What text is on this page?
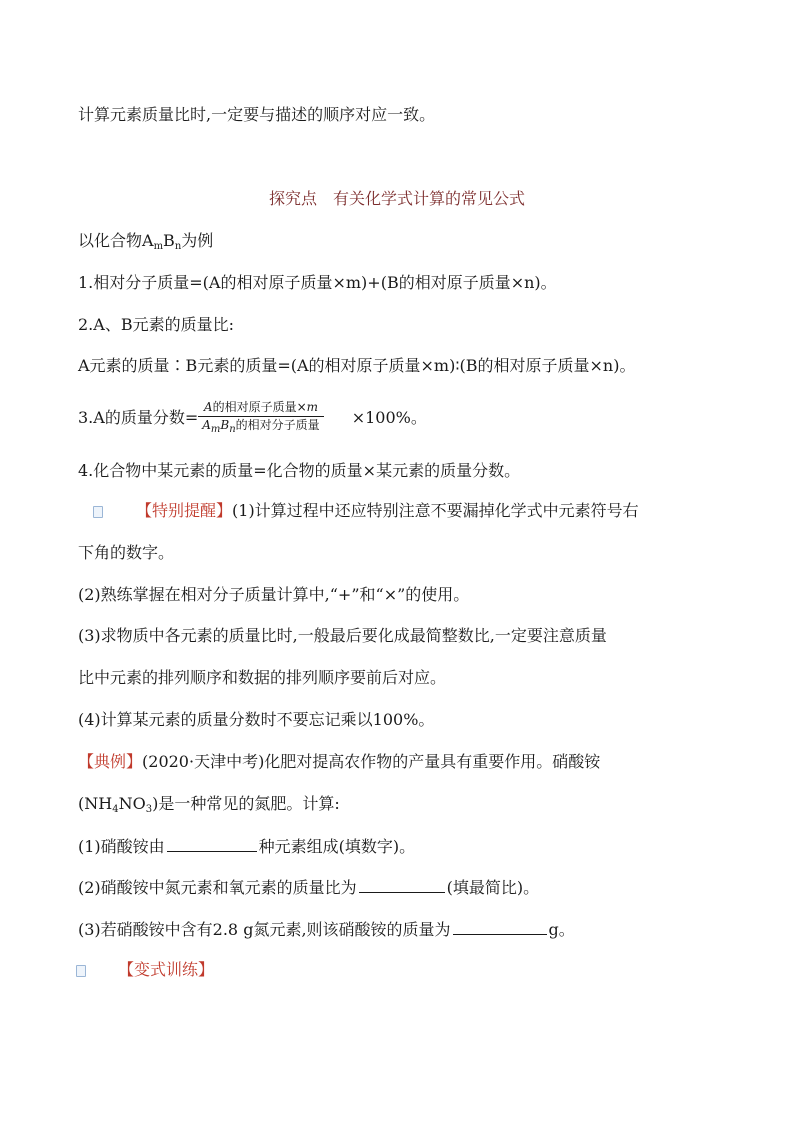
计算元素质量比时,一定要与描述的顺序对应一致。
探究点　有关化学式计算的常见公式
以化合物$A_mB_n$为例
1.相对分子质量=(A的相对原子质量×m)+(B的相对原子质量×n)。
2.A、B元素的质量比:
A元素的质量∶B元素的质量=(A的相对原子质量×m)∶(B的相对原子质量×n)。
3.A的质量分数= $\frac{\text{A的相对原子质量×m}}{A_mB_n的相对分子质量} \times 100\%$。
4.化合物中某元素的质量=化合物的质量×某元素的质量分数。
【特别提醒】(1)计算过程中还应特别注意不要漏掉化学式中元素符号右
下角的数字。
(2)熟练掌握在相对分子质量计算中,“+”和“×”的使用。
(3)求物质中各元素的质量比时,一般最后要化成最简整数比,一定要注意质量
比中元素的排列顺序和数据的排列顺序要前后对应。
(4)计算某元素的质量分数时不要忘记乘以100%。
【典例】(2020·天津中考)化肥对提高农作物的产量具有重要作用。硝酸铵
$(NH_4NO_3)$是一种常见的氮肥。计算:
(1)硝酸铵由	种元素组成(填数字)。
(2)硝酸铵中氮元素和氧元素的质量比为	(填最简比)。
(3)若硝酸铵中含有2.8 g氮元素,则该硝酸铵的质量为	g。
【变式训练】
